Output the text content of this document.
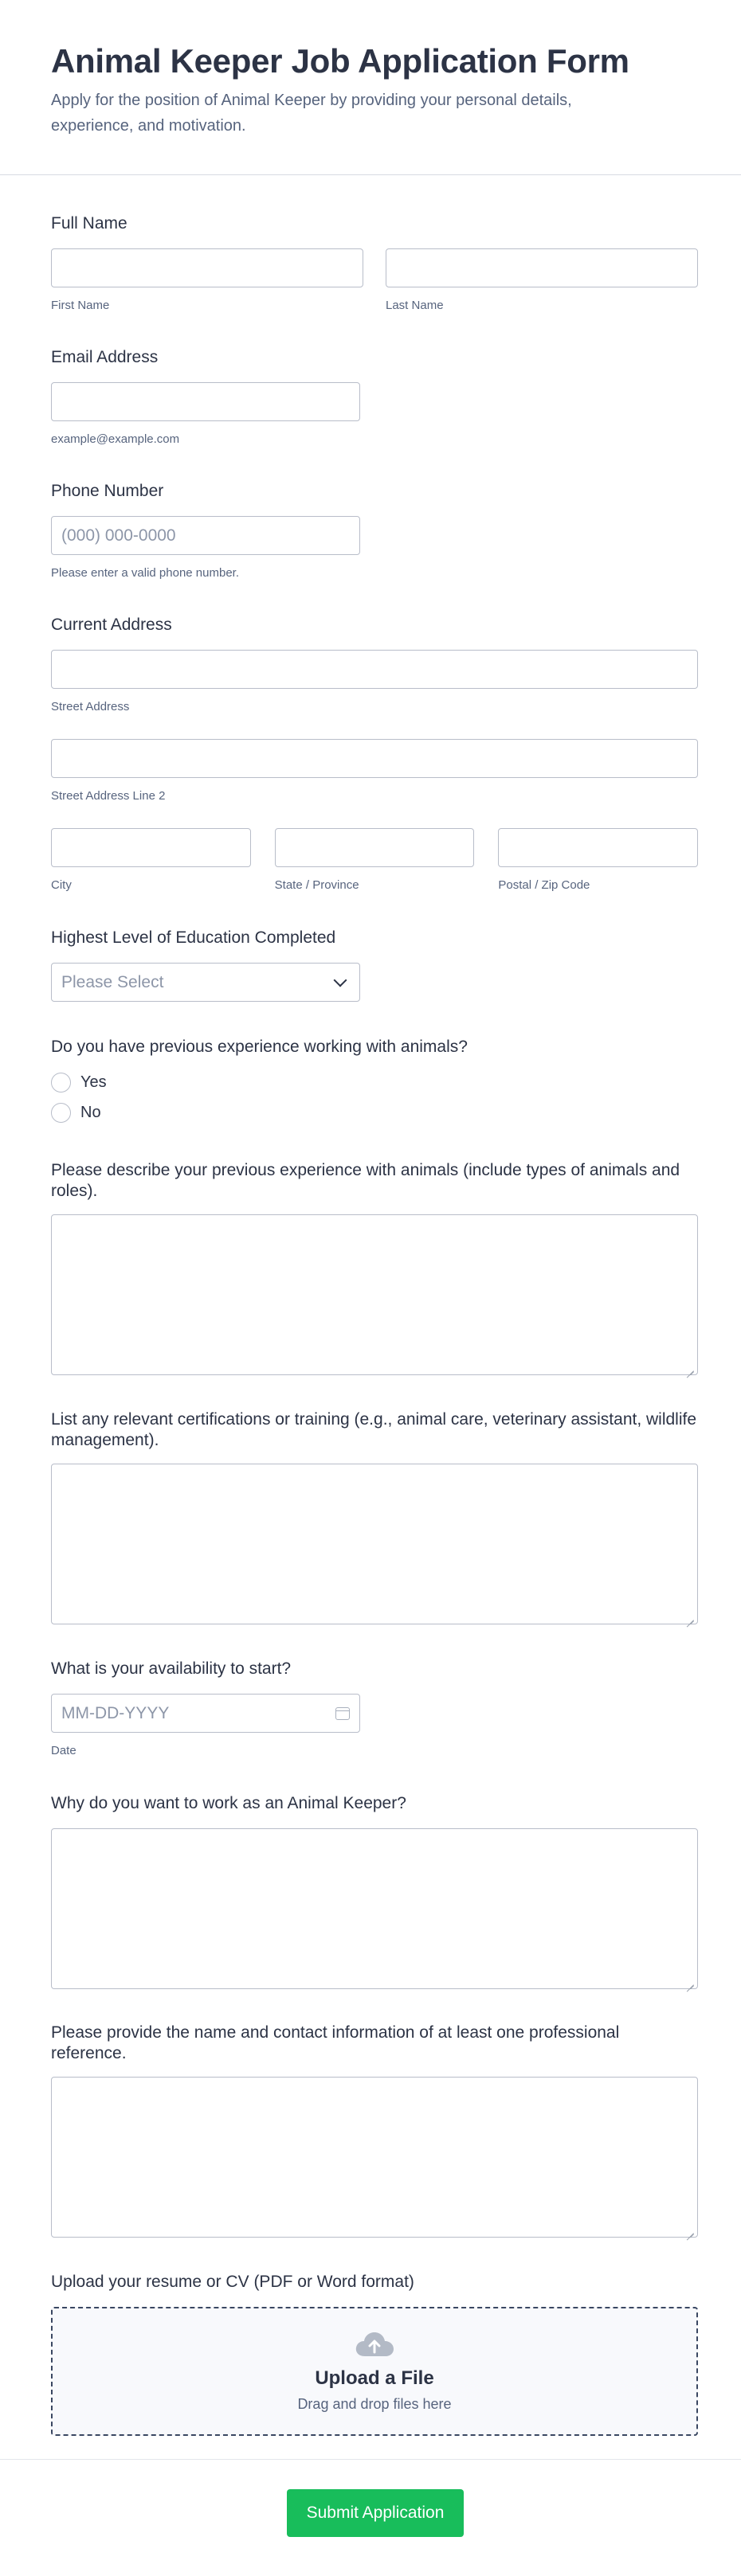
Animal Keeper Job Application Form

Apply for the position of Animal Keeper by providing your personal details, experience, and motivation.

Full Name
First Name	Last Name
Email Address
example@example.com
Phone Number
(000) 000-0000
Please enter a valid phone number.
Current Address
Street Address
Street Address Line 2
City	State / Province	Postal / Zip Code
Highest Level of Education Completed
Please Select
Do you have previous experience working with animals?
Yes
No
Please describe your previous experience with animals (include types of animals and roles).
List any relevant certifications or training (e.g., animal care, veterinary assistant, wildlife management).
What is your availability to start?
MM-DD-YYYY
Date
Why do you want to work as an Animal Keeper?
Please provide the name and contact information of at least one professional reference.
Upload your resume or CV (PDF or Word format)
Upload a File
Drag and drop files here
Submit Application
